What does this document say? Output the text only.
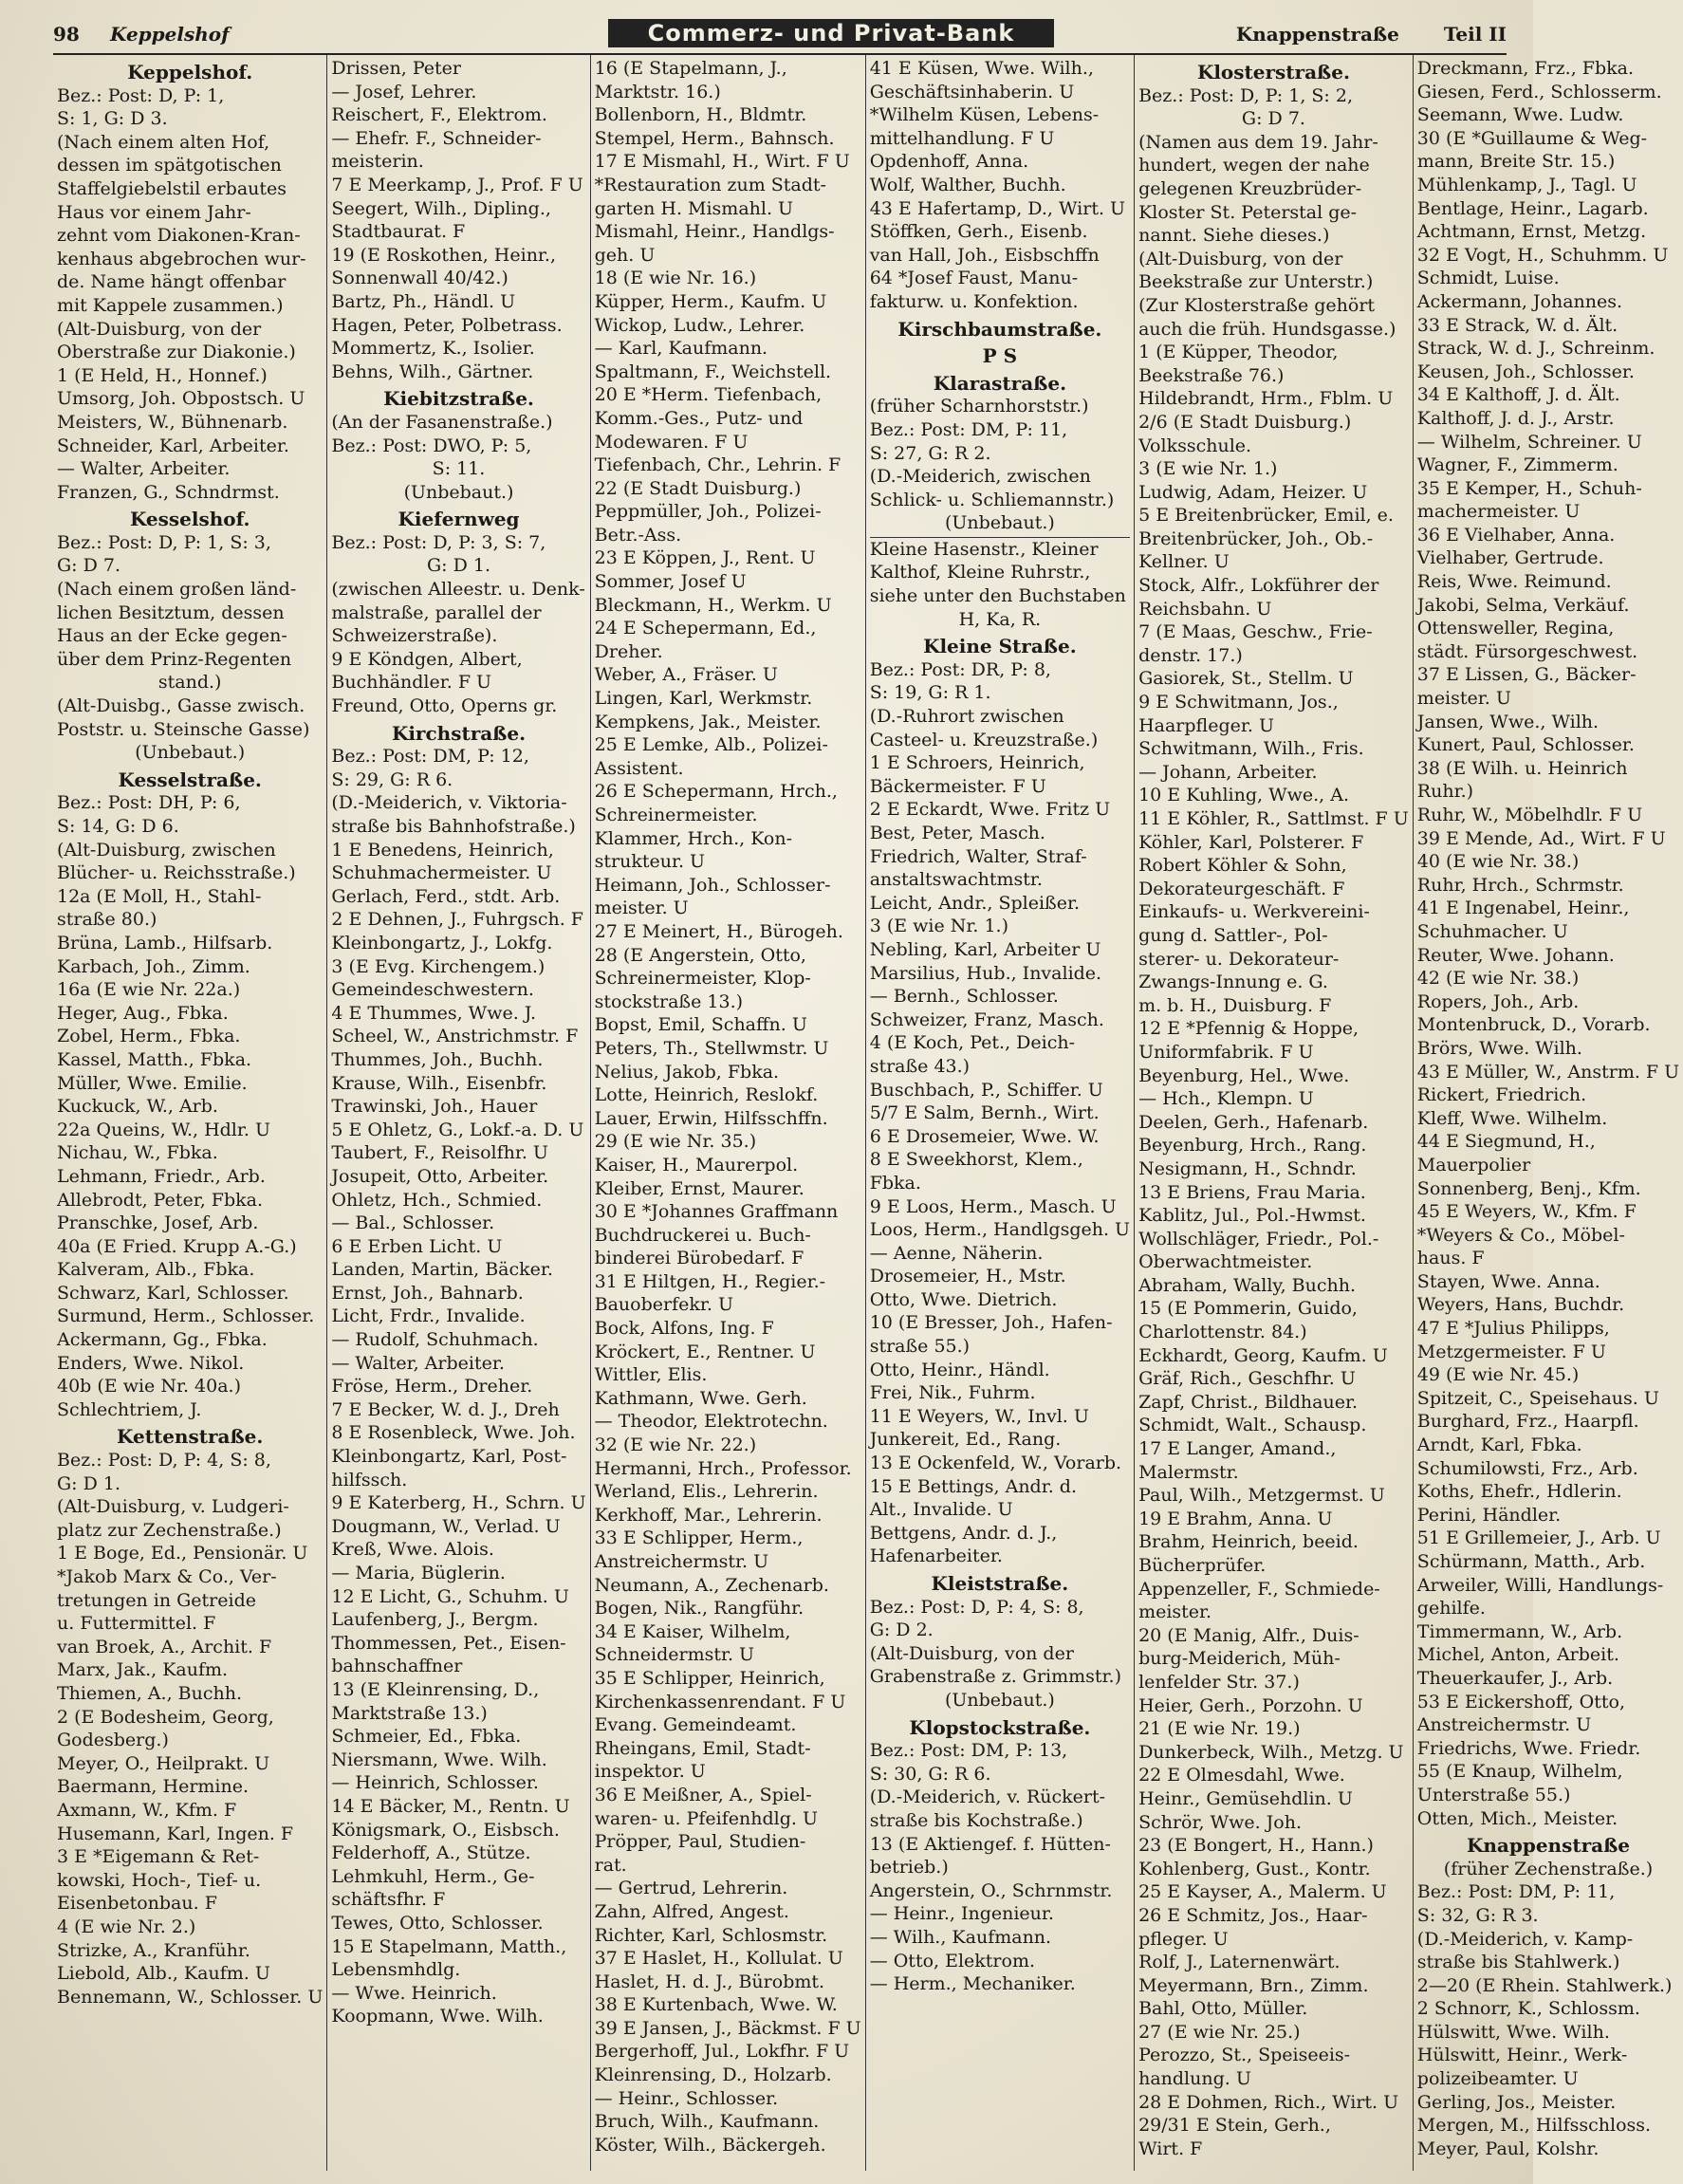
98	Keppelshof	Commerz- und Privat-Bank	Knappenstraße Teil II
Keppelshof.
Bez.: Post: D, P: 1,
S: 1, G: D 3.
(Nach einem alten Hof,
dessen im spätgotischen
Staffelgiebelstil erbautes
Haus vor einem Jahr-
zehnt vom Diakonen-Kran-
kenhaus abgebrochen wur-
de. Name hängt offenbar
mit Kappele zusammen.)
(Alt-Duisburg, von der
Oberstraße zur Diakonie.)
1 (E Held, H., Honnef.)
Umsorg, Joh. Obpostsch. U
Meisters, W., Bühnenarb.
Schneider, Karl, Arbeiter.
— Walter, Arbeiter.
Franzen, G., Schndrmst.
Kesselshof.
Bez.: Post: D, P: 1, S: 3,
G: D 7.
(Nach einem großen länd-
lichen Besitztum, dessen
Haus an der Ecke gegen-
über dem Prinz-Regenten
stand.)
(Alt-Duisbg., Gasse zwisch.
Poststr. u. Steinsche Gasse)
(Unbebaut.)
Kesselstraße.
Bez.: Post: DH, P: 6,
S: 14, G: D 6.
(Alt-Duisburg, zwischen
Blücher- u. Reichsstraße.)
12a (E Moll, H., Stahl-
straße 80.)
Brüna, Lamb., Hilfsarb.
Karbach, Joh., Zimm.
16a (E wie Nr. 22a.)
Heger, Aug., Fbka.
Zobel, Herm., Fbka.
Kassel, Matth., Fbka.
Müller, Wwe. Emilie.
Kuckuck, W., Arb.
22a Queins, W., Hdlr. U
Nichau, W., Fbka.
Lehmann, Friedr., Arb.
Allebrodt, Peter, Fbka.
Pranschke, Josef, Arb.
40a (E Fried. Krupp A.-G.)
Kalveram, Alb., Fbka.
Schwarz, Karl, Schlosser.
Surmund, Herm., Schlosser.
Ackermann, Gg., Fbka.
Enders, Wwe. Nikol.
40b (E wie Nr. 40a.)
Schlechtriem, J.
Kettenstraße.
Bez.: Post: D, P: 4, S: 8,
G: D 1.
(Alt-Duisburg, v. Ludgeri-
platz zur Zechenstraße.)
1 E Boge, Ed., Pensionär. U
*Jakob Marx & Co., Ver-
tretungen in Getreide
u. Futtermittel. F
van Broek, A., Archit. F
Marx, Jak., Kaufm.
Thiemen, A., Buchh.
2 (E Bodesheim, Georg,
Godesberg.)
Meyer, O., Heilprakt. U
Baermann, Hermine.
Axmann, W., Kfm. F
Husemann, Karl, Ingen. F
3 E *Eigemann & Ret-
kowski, Hoch-, Tief- u.
Eisenbetonbau. F
4 (E wie Nr. 2.)
Strizke, A., Kranführ.
Liebold, Alb., Kaufm. U
Bennemann, W., Schlosser. U
Drissen, Peter
— Josef, Lehrer.
Reischert, F., Elektrom.
— Ehefr. F., Schneider-
meisterin.
7 E Meerkamp, J., Prof. F U
Seegert, Wilh., Dipling.,
Stadtbaurat. F
19 (E Roskothen, Heinr.,
Sonnenwall 40/42.)
Bartz, Ph., Händl. U
Hagen, Peter, Polbetrass.
Mommertz, K., Isolier.
Behns, Wilh., Gärtner.
Kiebitzstraße.
(An der Fasanenstraße.)
Bez.: Post: DWO, P: 5,
S: 11.
(Unbebaut.)
Kiefernweg
Bez.: Post: D, P: 3, S: 7,
G: D 1.
(zwischen Alleestr. u. Denk-
malstraße, parallel der
Schweizerstraße).
9 E Köndgen, Albert,
Buchhändler. F U
Freund, Otto, Operns gr.
Kirchstraße.
Bez.: Post: DM, P: 12,
S: 29, G: R 6.
(D.-Meiderich, v. Viktoria-
straße bis Bahnhofstraße.)
1 E Benedens, Heinrich,
Schuhmachermeister. U
Gerlach, Ferd., stdt. Arb.
2 E Dehnen, J., Fuhrgsch. F
Kleinbongartz, J., Lokfg.
3 (E Evg. Kirchengem.)
Gemeindeschwestern.
4 E Thummes, Wwe. J.
Scheel, W., Anstrichmstr. F
Thummes, Joh., Buchh.
Krause, Wilh., Eisenbfr.
Trawinski, Joh., Hauer
5 E Ohletz, G., Lokf.-a. D. U
Taubert, F., Reisolfhr. U
Josupeit, Otto, Arbeiter.
Ohletz, Hch., Schmied.
— Bal., Schlosser.
6 E Erben Licht. U
Landen, Martin, Bäcker.
Ernst, Joh., Bahnarb.
Licht, Frdr., Invalide.
— Rudolf, Schuhmach.
— Walter, Arbeiter.
Fröse, Herm., Dreher.
7 E Becker, W. d. J., Dreh
8 E Rosenbleck, Wwe. Joh.
Kleinbongartz, Karl, Post-
hilfssch.
9 E Katerberg, H., Schrn. U
Dougmann, W., Verlad. U
Kreß, Wwe. Alois.
— Maria, Büglerin.
12 E Licht, G., Schuhm. U
Laufenberg, J., Bergm.
Thommessen, Pet., Eisen-
bahnschaffner
13 (E Kleinrensing, D.,
Marktstraße 13.)
Schmeier, Ed., Fbka.
Niersmann, Wwe. Wilh.
— Heinrich, Schlosser.
14 E Bäcker, M., Rentn. U
Königsmark, O., Eisbsch.
Felderhoff, A., Stütze.
Lehmkuhl, Herm., Ge-
schäftsfhr. F
Tewes, Otto, Schlosser.
15 E Stapelmann, Matth.,
Lebensmhdlg.
— Wwe. Heinrich.
Koopmann, Wwe. Wilh.
16 (E Stapelmann, J.,
Marktstr. 16.)
Bollenborn, H., Bldmtr.
Stempel, Herm., Bahnsch.
17 E Mismahl, H., Wirt. F U
*Restauration zum Stadt-
garten H. Mismahl. U
Mismahl, Heinr., Handlgs-
geh. U
18 (E wie Nr. 16.)
Küpper, Herm., Kaufm. U
Wickop, Ludw., Lehrer.
— Karl, Kaufmann.
Spaltmann, F., Weichstell.
20 E *Herm. Tiefenbach,
Komm.-Ges., Putz- und
Modewaren. F U
Tiefenbach, Chr., Lehrin. F
22 (E Stadt Duisburg.)
Peppmüller, Joh., Polizei-
Betr.-Ass.
23 E Köppen, J., Rent. U
Sommer, Josef U
Bleckmann, H., Werkm. U
24 E Schepermann, Ed.,
Dreher.
Weber, A., Fräser. U
Lingen, Karl, Werkmstr.
Kempkens, Jak., Meister.
25 E Lemke, Alb., Polizei-
Assistent.
26 E Schepermann, Hrch.,
Schreinermeister.
Klammer, Hrch., Kon-
strukteur. U
Heimann, Joh., Schlosser-
meister. U
27 E Meinert, H., Bürogeh.
28 (E Angerstein, Otto,
Schreinermeister, Klop-
stockstraße 13.)
Bopst, Emil, Schaffn. U
Peters, Th., Stellwmstr. U
Nelius, Jakob, Fbka.
Lotte, Heinrich, Reslokf.
Lauer, Erwin, Hilfsschffn.
29 (E wie Nr. 35.)
Kaiser, H., Maurerpol.
Kleiber, Ernst, Maurer.
30 E *Johannes Graffmann
Buchdruckerei u. Buch-
binderei Bürobedarf. F
31 E Hiltgen, H., Regier.-
Bauoberfekr. U
Bock, Alfons, Ing. F
Kröckert, E., Rentner. U
Wittler, Elis.
Kathmann, Wwe. Gerh.
— Theodor, Elektrotechn.
32 (E wie Nr. 22.)
Hermanni, Hrch., Professor.
Werland, Elis., Lehrerin.
Kerkhoff, Mar., Lehrerin.
33 E Schlipper, Herm.,
Anstreichermstr. U
Neumann, A., Zechenarb.
Bogen, Nik., Rangführ.
34 E Kaiser, Wilhelm,
Schneidermstr. U
35 E Schlipper, Heinrich,
Kirchenkassenrendant. F U
Evang. Gemeindeamt.
Rheingans, Emil, Stadt-
inspektor. U
36 E Meißner, A., Spiel-
waren- u. Pfeifenhdlg. U
Pröpper, Paul, Studien-
rat.
— Gertrud, Lehrerin.
Zahn, Alfred, Angest.
Richter, Karl, Schlosmstr.
37 E Haslet, H., Kollulat. U
Haslet, H. d. J., Bürobmt.
38 E Kurtenbach, Wwe. W.
39 E Jansen, J., Bäckmst. F U
Bergerhoff, Jul., Lokfhr. F U
Kleinrensing, D., Holzarb.
— Heinr., Schlosser.
Bruch, Wilh., Kaufmann.
Köster, Wilh., Bäckergeh.
41 E Küsen, Wwe. Wilh.,
Geschäftsinhaberin. U
*Wilhelm Küsen, Lebens-
mittelhandlung. F U
Opdenhoff, Anna.
Wolf, Walther, Buchh.
43 E Hafertamp, D., Wirt. U
Stöffken, Gerh., Eisenb.
van Hall, Joh., Eisbschffn
64 *Josef Faust, Manu-
fakturw. u. Konfektion.
Kirschbaumstraße.
P S
Klarastraße.
(früher Scharnhorststr.)
Bez.: Post: DM, P: 11,
S: 27, G: R 2.
(D.-Meiderich, zwischen
Schlick- u. Schliemannstr.)
(Unbebaut.)
Kleine Hasenstr., Kleiner
Kalthof, Kleine Ruhrstr.,
siehe unter den Buchstaben
H, Ka, R.
Kleine Straße.
Bez.: Post: DR, P: 8,
S: 19, G: R 1.
(D.-Ruhrort zwischen
Casteel- u. Kreuzstraße.)
1 E Schroers, Heinrich,
Bäckermeister. F U
2 E Eckardt, Wwe. Fritz U
Best, Peter, Masch.
Friedrich, Walter, Straf-
anstaltswachtmstr.
Leicht, Andr., Spleißer.
3 (E wie Nr. 1.)
Nebling, Karl, Arbeiter U
Marsilius, Hub., Invalide.
— Bernh., Schlosser.
Schweizer, Franz, Masch.
4 (E Koch, Pet., Deich-
straße 43.)
Buschbach, P., Schiffer. U
5/7 E Salm, Bernh., Wirt.
6 E Drosemeier, Wwe. W.
8 E Sweekhorst, Klem.,
Fbka.
9 E Loos, Herm., Masch. U
Loos, Herm., Handlgsgeh. U
— Aenne, Näherin.
Drosemeier, H., Mstr.
Otto, Wwe. Dietrich.
10 (E Bresser, Joh., Hafen-
straße 55.)
Otto, Heinr., Händl.
Frei, Nik., Fuhrm.
11 E Weyers, W., Invl. U
Junkereit, Ed., Rang.
13 E Ockenfeld, W., Vorarb.
15 E Bettings, Andr. d.
Alt., Invalide. U
Bettgens, Andr. d. J.,
Hafenarbeiter.
Kleiststraße.
Bez.: Post: D, P: 4, S: 8,
G: D 2.
(Alt-Duisburg, von der
Grabenstraße z. Grimmstr.)
(Unbebaut.)
Klopstockstraße.
Bez.: Post: DM, P: 13,
S: 30, G: R 6.
(D.-Meiderich, v. Rückert-
straße bis Kochstraße.)
13 (E Aktiengef. f. Hütten-
betrieb.)
Angerstein, O., Schrnmstr.
— Heinr., Ingenieur.
— Wilh., Kaufmann.
— Otto, Elektrom.
— Herm., Mechaniker.
Klosterstraße.
Bez.: Post: D, P: 1, S: 2,
G: D 7.
(Namen aus dem 19. Jahr-
hundert, wegen der nahe
gelegenen Kreuzbrüder-
Kloster St. Peterstal ge-
nannt. Siehe dieses.)
(Alt-Duisburg, von der
Beekstraße zur Unterstr.)
(Zur Klosterstraße gehört
auch die früh. Hundsgasse.)
1 (E Küpper, Theodor,
Beekstraße 76.)
Hildebrandt, Hrm., Fblm. U
2/6 (E Stadt Duisburg.)
Volksschule.
3 (E wie Nr. 1.)
Ludwig, Adam, Heizer. U
5 E Breitenbrücker, Emil, e.
Breitenbrücker, Joh., Ob.-
Kellner. U
Stock, Alfr., Lokführer der
Reichsbahn. U
7 (E Maas, Geschw., Frie-
denstr. 17.)
Gasiorek, St., Stellm. U
9 E Schwitmann, Jos.,
Haarpfleger. U
Schwitmann, Wilh., Fris.
— Johann, Arbeiter.
10 E Kuhling, Wwe., A.
11 E Köhler, R., Sattlmst. F U
Köhler, Karl, Polsterer. F
Robert Köhler & Sohn,
Dekorateurgeschäft. F
Einkaufs- u. Werkvereini-
gung d. Sattler-, Pol-
sterer- u. Dekorateur-
Zwangs-Innung e. G.
m. b. H., Duisburg. F
12 E *Pfennig & Hoppe,
Uniformfabrik. F U
Beyenburg, Hel., Wwe.
— Hch., Klempn. U
Deelen, Gerh., Hafenarb.
Beyenburg, Hrch., Rang.
Nesigmann, H., Schndr.
13 E Briens, Frau Maria.
Kablitz, Jul., Pol.-Hwmst.
Wollschläger, Friedr., Pol.-
Oberwachtmeister.
Abraham, Wally, Buchh.
15 (E Pommerin, Guido,
Charlottenstr. 84.)
Eckhardt, Georg, Kaufm. U
Gräf, Rich., Geschfhr. U
Zapf, Christ., Bildhauer.
Schmidt, Walt., Schausp.
17 E Langer, Amand.,
Malermstr.
Paul, Wilh., Metzgermst. U
19 E Brahm, Anna. U
Brahm, Heinrich, beeid.
Bücherprüfer.
Appenzeller, F., Schmiede-
meister.
20 (E Manig, Alfr., Duis-
burg-Meiderich, Müh-
lenfelder Str. 37.)
Heier, Gerh., Porzohn. U
21 (E wie Nr. 19.)
Dunkerbeck, Wilh., Metzg. U
22 E Olmesdahl, Wwe.
Heinr., Gemüsehdlin. U
Schrör, Wwe. Joh.
23 (E Bongert, H., Hann.)
Kohlenberg, Gust., Kontr.
25 E Kayser, A., Malerm. U
26 E Schmitz, Jos., Haar-
pfleger. U
Rolf, J., Laternenwärt.
Meyermann, Brn., Zimm.
Bahl, Otto, Müller.
27 (E wie Nr. 25.)
Perozzo, St., Speiseeis-
handlung. U
28 E Dohmen, Rich., Wirt. U
29/31 E Stein, Gerh.,
Wirt. F
Dreckmann, Frz., Fbka.
Giesen, Ferd., Schlosserm.
Seemann, Wwe. Ludw.
30 (E *Guillaume & Weg-
mann, Breite Str. 15.)
Mühlenkamp, J., Tagl. U
Bentlage, Heinr., Lagarb.
Achtmann, Ernst, Metzg.
32 E Vogt, H., Schuhmm. U
Schmidt, Luise.
Ackermann, Johannes.
33 E Strack, W. d. Ält.
Strack, W. d. J., Schreinm.
Keusen, Joh., Schlosser.
34 E Kalthoff, J. d. Ält.
Kalthoff, J. d. J., Arstr.
— Wilhelm, Schreiner. U
Wagner, F., Zimmerm.
35 E Kemper, H., Schuh-
machermeister. U
36 E Vielhaber, Anna.
Vielhaber, Gertrude.
Reis, Wwe. Reimund.
Jakobi, Selma, Verkäuf.
Ottensweller, Regina,
städt. Fürsorgeschwest.
37 E Lissen, G., Bäcker-
meister. U
Jansen, Wwe., Wilh.
Kunert, Paul, Schlosser.
38 (E Wilh. u. Heinrich
Ruhr.)
Ruhr, W., Möbelhdlr. F U
39 E Mende, Ad., Wirt. F U
40 (E wie Nr. 38.)
Ruhr, Hrch., Schrmstr.
41 E Ingenabel, Heinr.,
Schuhmacher. U
Reuter, Wwe. Johann.
42 (E wie Nr. 38.)
Ropers, Joh., Arb.
Montenbruck, D., Vorarb.
Brörs, Wwe. Wilh.
43 E Müller, W., Anstrm. F U
Rickert, Friedrich.
Kleff, Wwe. Wilhelm.
44 E Siegmund, H.,
Mauerpolier
Sonnenberg, Benj., Kfm.
45 E Weyers, W., Kfm. F
*Weyers & Co., Möbel-
haus. F
Stayen, Wwe. Anna.
Weyers, Hans, Buchdr.
47 E *Julius Philipps,
Metzgermeister. F U
49 (E wie Nr. 45.)
Spitzeit, C., Speisehaus. U
Burghard, Frz., Haarpfl.
Arndt, Karl, Fbka.
Schumilowsti, Frz., Arb.
Koths, Ehefr., Hdlerin.
Perini, Händler.
51 E Grillemeier, J., Arb. U
Schürmann, Matth., Arb.
Arweiler, Willi, Handlungs-
gehilfe.
Timmermann, W., Arb.
Michel, Anton, Arbeit.
Theuerkaufer, J., Arb.
53 E Eickershoff, Otto,
Anstreichermstr. U
Friedrichs, Wwe. Friedr.
55 (E Knaup, Wilhelm,
Unterstraße 55.)
Otten, Mich., Meister.
Knappenstraße
(früher Zechenstraße.)
Bez.: Post: DM, P: 11,
S: 32, G: R 3.
(D.-Meiderich, v. Kamp-
straße bis Stahlwerk.)
2—20 (E Rhein. Stahlwerk.)
2 Schnorr, K., Schlossm.
Hülswitt, Wwe. Wilh.
Hülswitt, Heinr., Werk-
polizeibeamter. U
Gerling, Jos., Meister.
Mergen, M., Hilfsschloss.
Meyer, Paul, Kolshr.
